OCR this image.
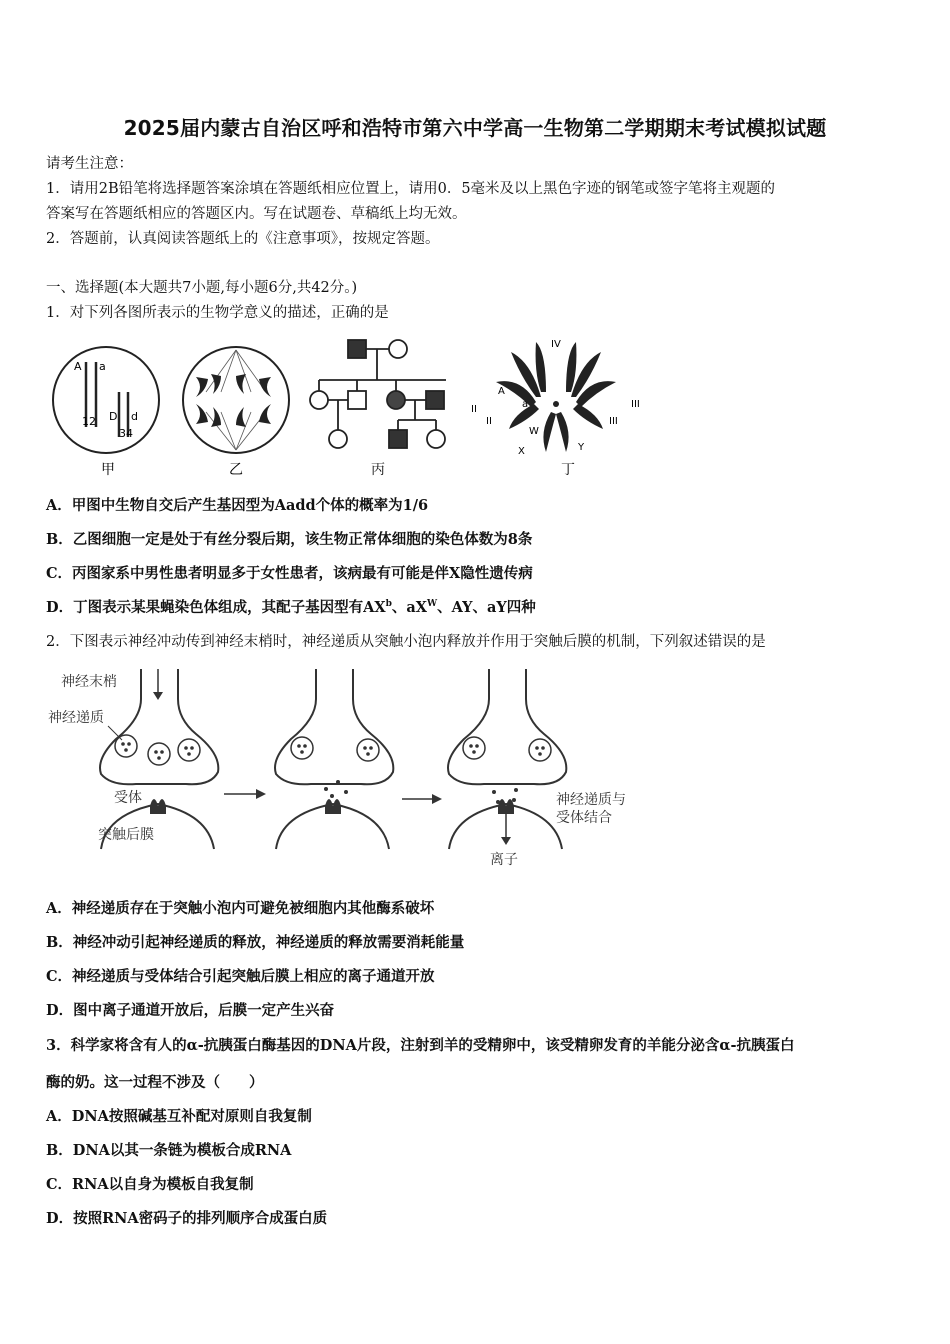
2025届内蒙古自治区呼和浩特市第六中学高一生物第二学期期末考试模拟试题
请考生注意：
1．请用2B铅笔将选择题答案涂填在答题纸相应位置上，请用0．5毫米及以上黑色字迹的钢笔或签字笔将主观题的
答案写在答题纸相应的答题区内。写在试题卷、草稿纸上均无效。
2．答题前，认真阅读答题纸上的《注意事项》，按规定答题。
一、选择题(本大题共7小题,每小题6分,共42分。)
1．对下列各图所表示的生物学意义的描述，正确的是
A a
D d
12
34
甲	乙	丙
IV
II
II
III
III
A
a
W
X	Y
丁
A．甲图中生物自交后产生基因型为Aadd个体的概率为1/6
B．乙图细胞一定是处于有丝分裂后期，该生物正常体细胞的染色体数为8条
C．丙图家系中男性患者明显多于女性患者，该病最有可能是伴X隐性遗传病
D．丁图表示某果蝇染色体组成，其配子基因型有$AX^b$、$aX^W$、AY、aY四种
2．下图表示神经冲动传到神经末梢时，神经递质从突触小泡内释放并作用于突触后膜的机制，下列叙述错误的是
神经末梢
神经递质
受体
突触后膜
神经递质与
受体结合
离子
A．神经递质存在于突触小泡内可避免被细胞内其他酶系破坏
B．神经冲动引起神经递质的释放，神经递质的释放需要消耗能量
C．神经递质与受体结合引起突触后膜上相应的离子通道开放
D．图中离子通道开放后，后膜一定产生兴奋
3．科学家将含有人的α-抗胰蛋白酶基因的DNA片段，注射到羊的受精卵中，该受精卵发育的羊能分泌含α-抗胰蛋白
酶的奶。这一过程不涉及（　　）
A．DNA按照碱基互补配对原则自我复制
B．DNA以其一条链为模板合成RNA
C．RNA以自身为模板自我复制
D．按照RNA密码子的排列顺序合成蛋白质
